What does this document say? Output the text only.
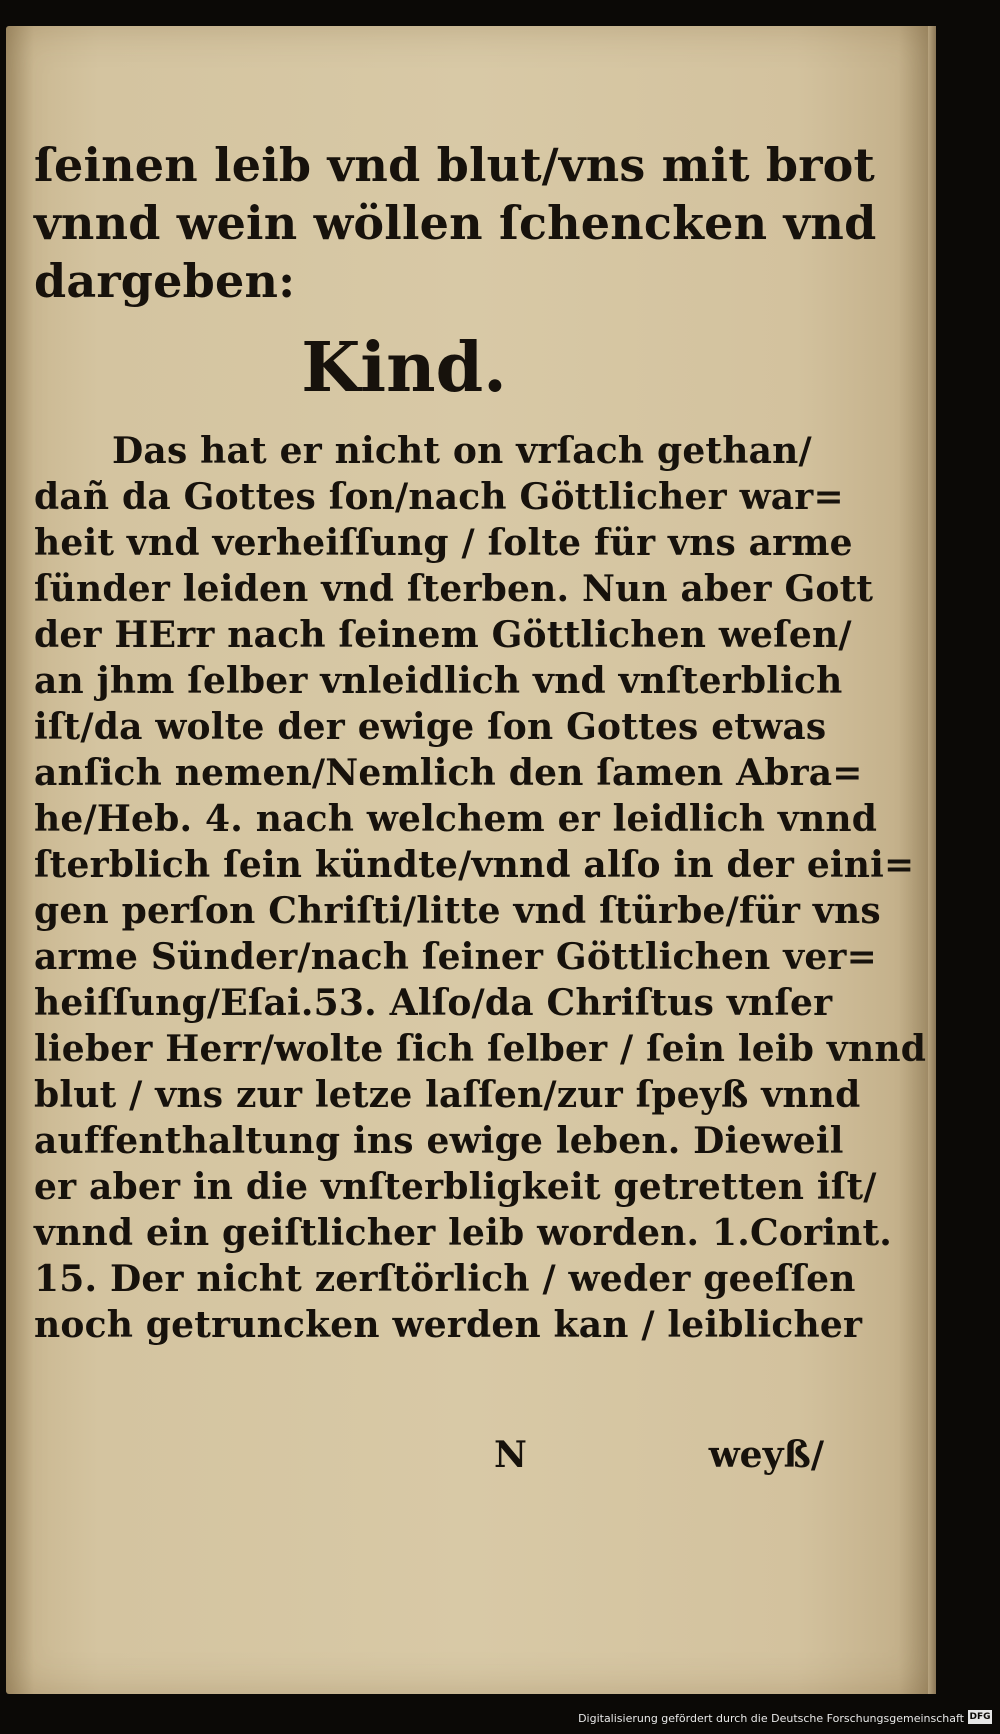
ſeinen leib vnd blut/vns mit brot
vnnd wein wöllen ſchencken vnd
dargeben:
Kind.
Das hat er nicht on vrſach gethan/
dañ da Gottes ſon/nach Göttlicher war=
heit vnd verheiſſung / ſolte für vns arme
ſünder leiden vnd ſterben. Nun aber Gott
der HErr nach ſeinem Göttlichen weſen/
an jhm ſelber vnleidlich vnd vnſterblich
iſt/da wolte der ewige ſon Gottes etwas
anſich nemen/Nemlich den ſamen Abra=
he/Heb. 4. nach welchem er leidlich vnnd
ſterblich ſein kündte/vnnd alſo in der eini=
gen perſon Chriſti/litte vnd ſtürbe/für vns
arme Sünder/nach ſeiner Göttlichen ver=
heiſſung/Eſai.53. Alſo/da Chriſtus vnſer
lieber Herr/wolte ſich ſelber / ſein leib vnnd
blut / vns zur letze laſſen/zur ſpeyß vnnd
auffenthaltung ins ewige leben. Dieweil
er aber in die vnſterbligkeit getretten iſt/
vnnd ein geiſtlicher leib worden. 1.Corint.
15. Der nicht zerſtörlich / weder geeſſen
noch getruncken werden kan / leiblicher
N	weyß/
Digitalisierung gefördert durch die Deutsche Forschungsgemeinschaft DFG
